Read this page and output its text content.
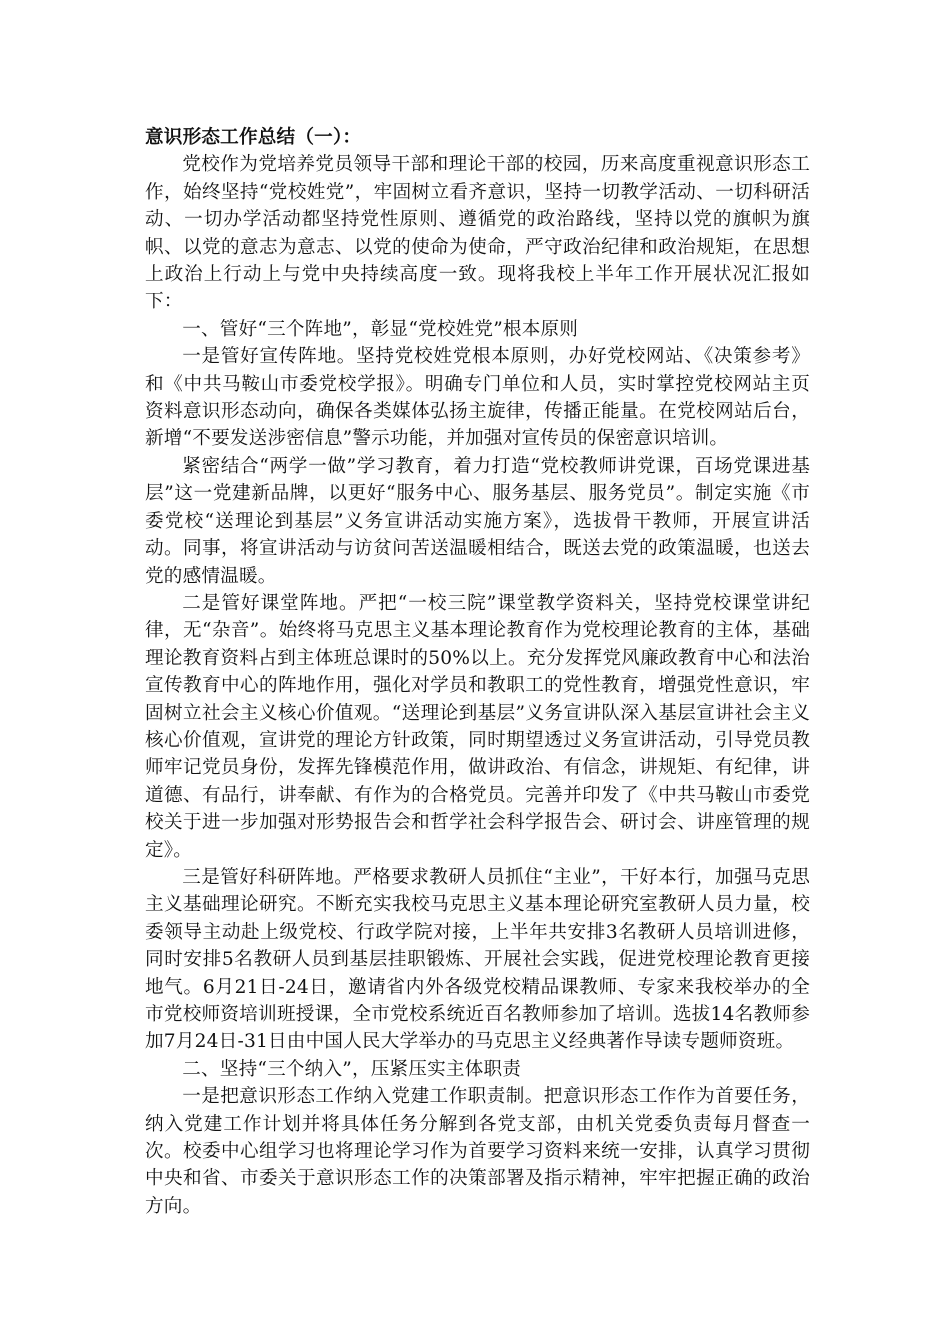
意识形态工作总结（一）：

党校作为党培养党员领导干部和理论干部的校园，历来高度重视意识形态工作，始终坚持“党校姓党”，牢固树立看齐意识，坚持一切教学活动、一切科研活动、一切办学活动都坚持党性原则、遵循党的政治路线，坚持以党的旗帜为旗帜、以党的意志为意志、以党的使命为使命，严守政治纪律和政治规矩，在思想上政治上行动上与党中央持续高度一致。现将我校上半年工作开展状况汇报如下：

一、管好“三个阵地”，彰显“党校姓党”根本原则

一是管好宣传阵地。坚持党校姓党根本原则，办好党校网站、《决策参考》和《中共马鞍山市委党校学报》。明确专门单位和人员，实时掌控党校网站主页资料意识形态动向，确保各类媒体弘扬主旋律，传播正能量。在党校网站后台，新增“不要发送涉密信息”警示功能，并加强对宣传员的保密意识培训。

紧密结合“两学一做”学习教育，着力打造“党校教师讲党课，百场党课进基层”这一党建新品牌，以更好“服务中心、服务基层、服务党员”。制定实施《市委党校“送理论到基层”义务宣讲活动实施方案》，选拔骨干教师，开展宣讲活动。同事，将宣讲活动与访贫问苦送温暖相结合，既送去党的政策温暖，也送去党的感情温暖。

二是管好课堂阵地。严把“一校三院”课堂教学资料关，坚持党校课堂讲纪律，无“杂音”。始终将马克思主义基本理论教育作为党校理论教育的主体，基础理论教育资料占到主体班总课时的50%以上。充分发挥党风廉政教育中心和法治宣传教育中心的阵地作用，强化对学员和教职工的党性教育，增强党性意识，牢固树立社会主义核心价值观。“送理论到基层”义务宣讲队深入基层宣讲社会主义核心价值观，宣讲党的理论方针政策，同时期望透过义务宣讲活动，引导党员教师牢记党员身份，发挥先锋模范作用，做讲政治、有信念，讲规矩、有纪律，讲道德、有品行，讲奉献、有作为的合格党员。完善并印发了《中共马鞍山市委党校关于进一步加强对形势报告会和哲学社会科学报告会、研讨会、讲座管理的规定》。

三是管好科研阵地。严格要求教研人员抓住“主业”，干好本行，加强马克思主义基础理论研究。不断充实我校马克思主义基本理论研究室教研人员力量，校委领导主动赴上级党校、行政学院对接，上半年共安排3名教研人员培训进修，同时安排5名教研人员到基层挂职锻炼、开展社会实践，促进党校理论教育更接地气。6月21日-24日，邀请省内外各级党校精品课教师、专家来我校举办的全市党校师资培训班授课，全市党校系统近百名教师参加了培训。选拔14名教师参加7月24日-31日由中国人民大学举办的马克思主义经典著作导读专题师资班。

二、坚持“三个纳入”，压紧压实主体职责

一是把意识形态工作纳入党建工作职责制。把意识形态工作作为首要任务，纳入党建工作计划并将具体任务分解到各党支部，由机关党委负责每月督查一次。校委中心组学习也将理论学习作为首要学习资料来统一安排，认真学习贯彻中央和省、市委关于意识形态工作的决策部署及指示精神，牢牢把握正确的政治方向。
